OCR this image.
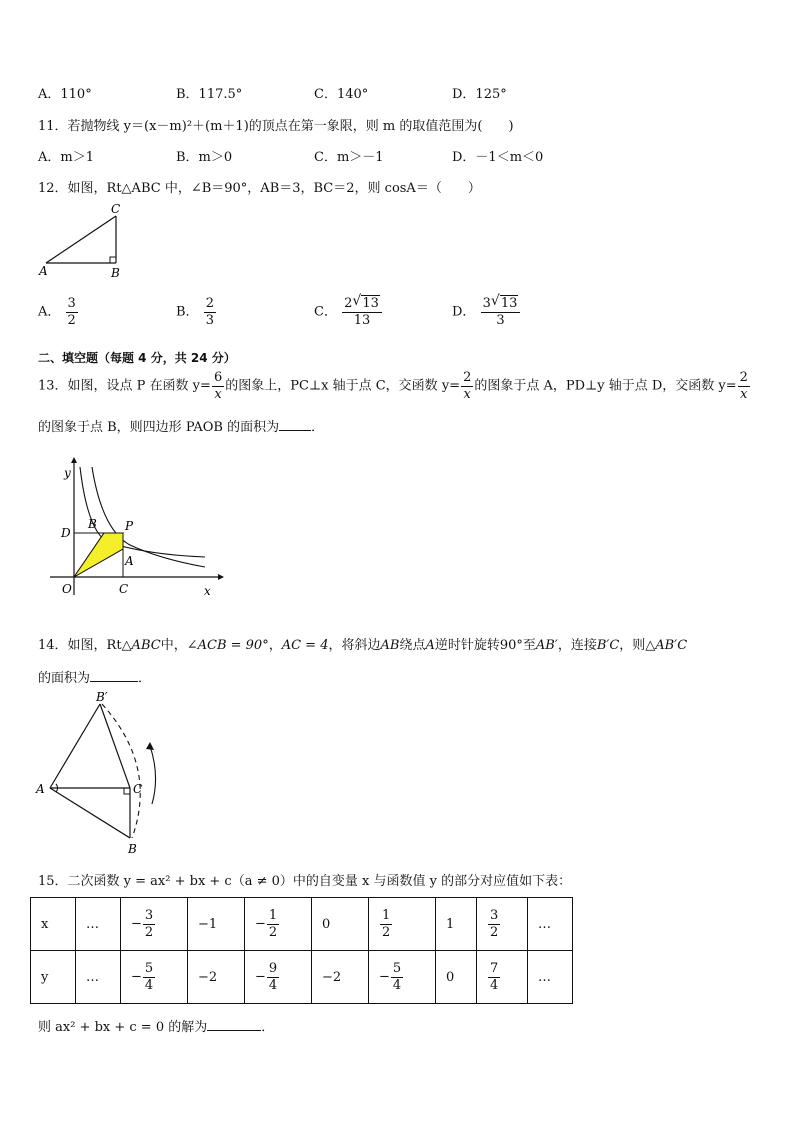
A．110°	B．117.5°	C．140°	D．125°
11．若抛物线 y＝(x－m)²＋(m＋1)的顶点在第一象限，则 m 的取值范围为(　　)
A．m＞1	B．m＞0	C．m＞－1	D．－1＜m＜0
12．如图，Rt△ABC 中，∠B＝90°，AB＝3，BC＝2，则 cosA＝（　　）
C
A	B
A． $\frac{3}{2}$	B． $\frac{2}{3}$	C． $\frac{2 √ 13}{13}$	D． $\frac{3 √ 13}{3}$
二、填空题（每题 4 分，共 24 分）
13．如图，设点 P 在函数 $y= \frac{6}{x}$ 的图象上，PC⊥x 轴于点 C，交函数 $y= \frac{2}{x}$ 的图象于点 A，PD⊥y 轴于点 D，交函数 $y= \frac{2}{x}$
的图象于点 B，则四边形 PAOB 的面积为 ．
y
x
O	C
D
B P
A
14．如图，Rt△ABC中，∠ACB = 90°，AC = 4，将斜边AB绕点A逆时针旋转90°至AB′，连接B′C，则△AB′C
的面积为	．
B′
A	C
B
15．二次函数 y = ax² + bx + c（a ≠ 0）中的自变量 x 与函数值 y 的部分对应值如下表：
x	…	− $\frac{3}{2}$	−1	− $\frac{1}{2}$	0	$\frac{1}{2}$	1	$\frac{3}{2}$	…
y	…	− $\frac{5}{4}$	−2	− $\frac{9}{4}$	−2	− $\frac{5}{4}$	0	$\frac{7}{4}$	…
则 ax² + bx + c = 0 的解为	．
